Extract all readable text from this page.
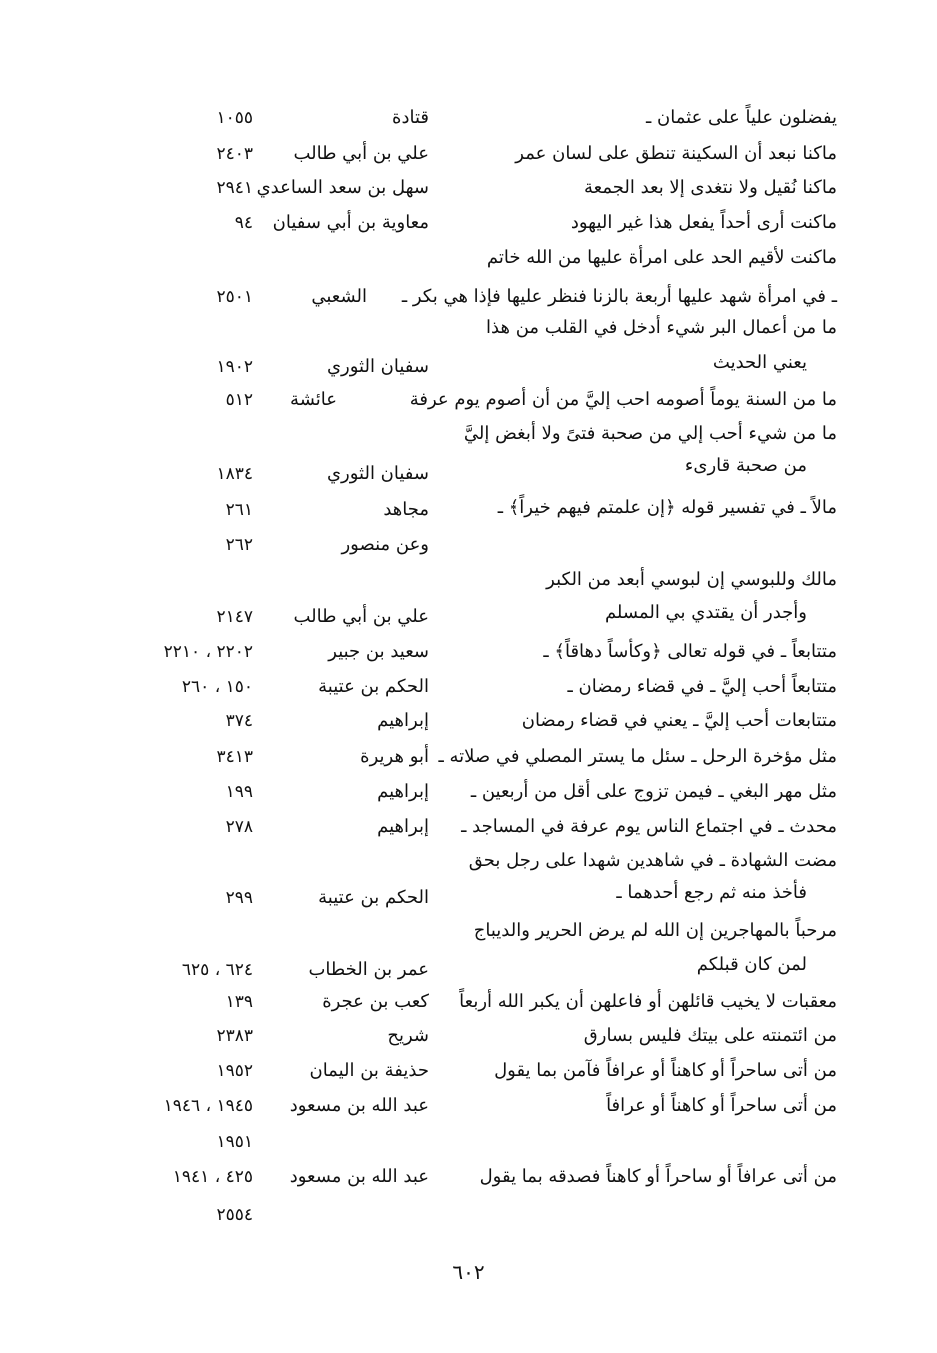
يفضلون علياً على عثمان ـ
قتادة
١٠٥٥
ماكنا نبعد أن السكينة تنطق على لسان عمر
علي بن أبي طالب
٢٤٠٣
ماكنا نُقيل ولا نتغدى إلا بعد الجمعة
سهل بن سعد الساعدي
٢٩٤١
ماكنت أرى أحداً يفعل هذا غير اليهود
معاوية بن أبي سفيان
٩٤
ماكنت لأقيم الحد على امرأة عليها من الله خاتم
ـ في امرأة شهد عليها أربعة بالزنا فنظر عليها فإذا هي بكر ـ
٢٥٠١	الشعبي
ما من أعمال البر شيء أدخل في القلب من هذا
يعني الحديث
سفيان الثوري
١٩٠٢
ما من السنة يوماً أصومه احب إليَّ من أن أصوم يوم عرفة
٥١٢ عائشة
ما من شيء أحب إلي من صحبة فتىً ولا أبغض إليَّ
من صحبة قارىء
سفيان الثوري
١٨٣٤
مالاً ـ في تفسير قوله ﴿إن علمتم فيهم خيراً﴾ ـ
مجاهد
٢٦١
وعن منصور
٢٦٢
مالك وللبوسي إن لبوسي أبعد من الكبر
وأجدر أن يقتدي بي المسلم
علي بن أبي طالب
٢١٤٧
متتابعاً ـ في قوله تعالى ﴿وكأساً دهاقاً﴾ ـ
سعيد بن جبير
٢٢٠٢ ، ٢٢١٠
متتابعاً أحب إليَّ ـ في قضاء رمضان ـ
الحكم بن عتيبة
١٥٠ ، ٢٦٠
متتابعات أحب إليَّ ـ يعني في قضاء رمضان
إبراهيم
٣٧٤
مثل مؤخرة الرحل ـ سئل ما يستر المصلي في صلاته ـ
أبو هريرة
٣٤١٣
مثل مهر البغي ـ فيمن تزوج على أقل من أربعين ـ
إبراهيم
١٩٩
محدث ـ في اجتماع الناس يوم عرفة في المساجد ـ
إبراهيم
٢٧٨
مضت الشهادة ـ في شاهدين شهدا على رجل بحق
فأخذ منه ثم رجع أحدهما ـ
الحكم بن عتيبة
٢٩٩
مرحباً بالمهاجرين إن الله لم يرض الحرير والديباج
لمن كان قبلكم
عمر بن الخطاب
٦٢٤ ، ٦٢٥
معقبات لا يخيب قائلهن أو فاعلهن أن يكبر الله أربعاً
كعب بن عجرة
١٣٩
من ائتمنته على بيتك فليس بسارق
شريح
٢٣٨٣
من أتى ساحراً أو كاهناً أو عرافاً فآمن بما يقول
حذيفة بن اليمان
١٩٥٢
من أتى ساحراً أو كاهناً أو عرافاً
عبد الله بن مسعود
١٩٤٥ ، ١٩٤٦
١٩٥١
من أتى عرافاً أو ساحراً أو كاهناً فصدقه بما يقول
عبد الله بن مسعود
٤٢٥ ، ١٩٤١
٢٥٥٤
٦٠٢
